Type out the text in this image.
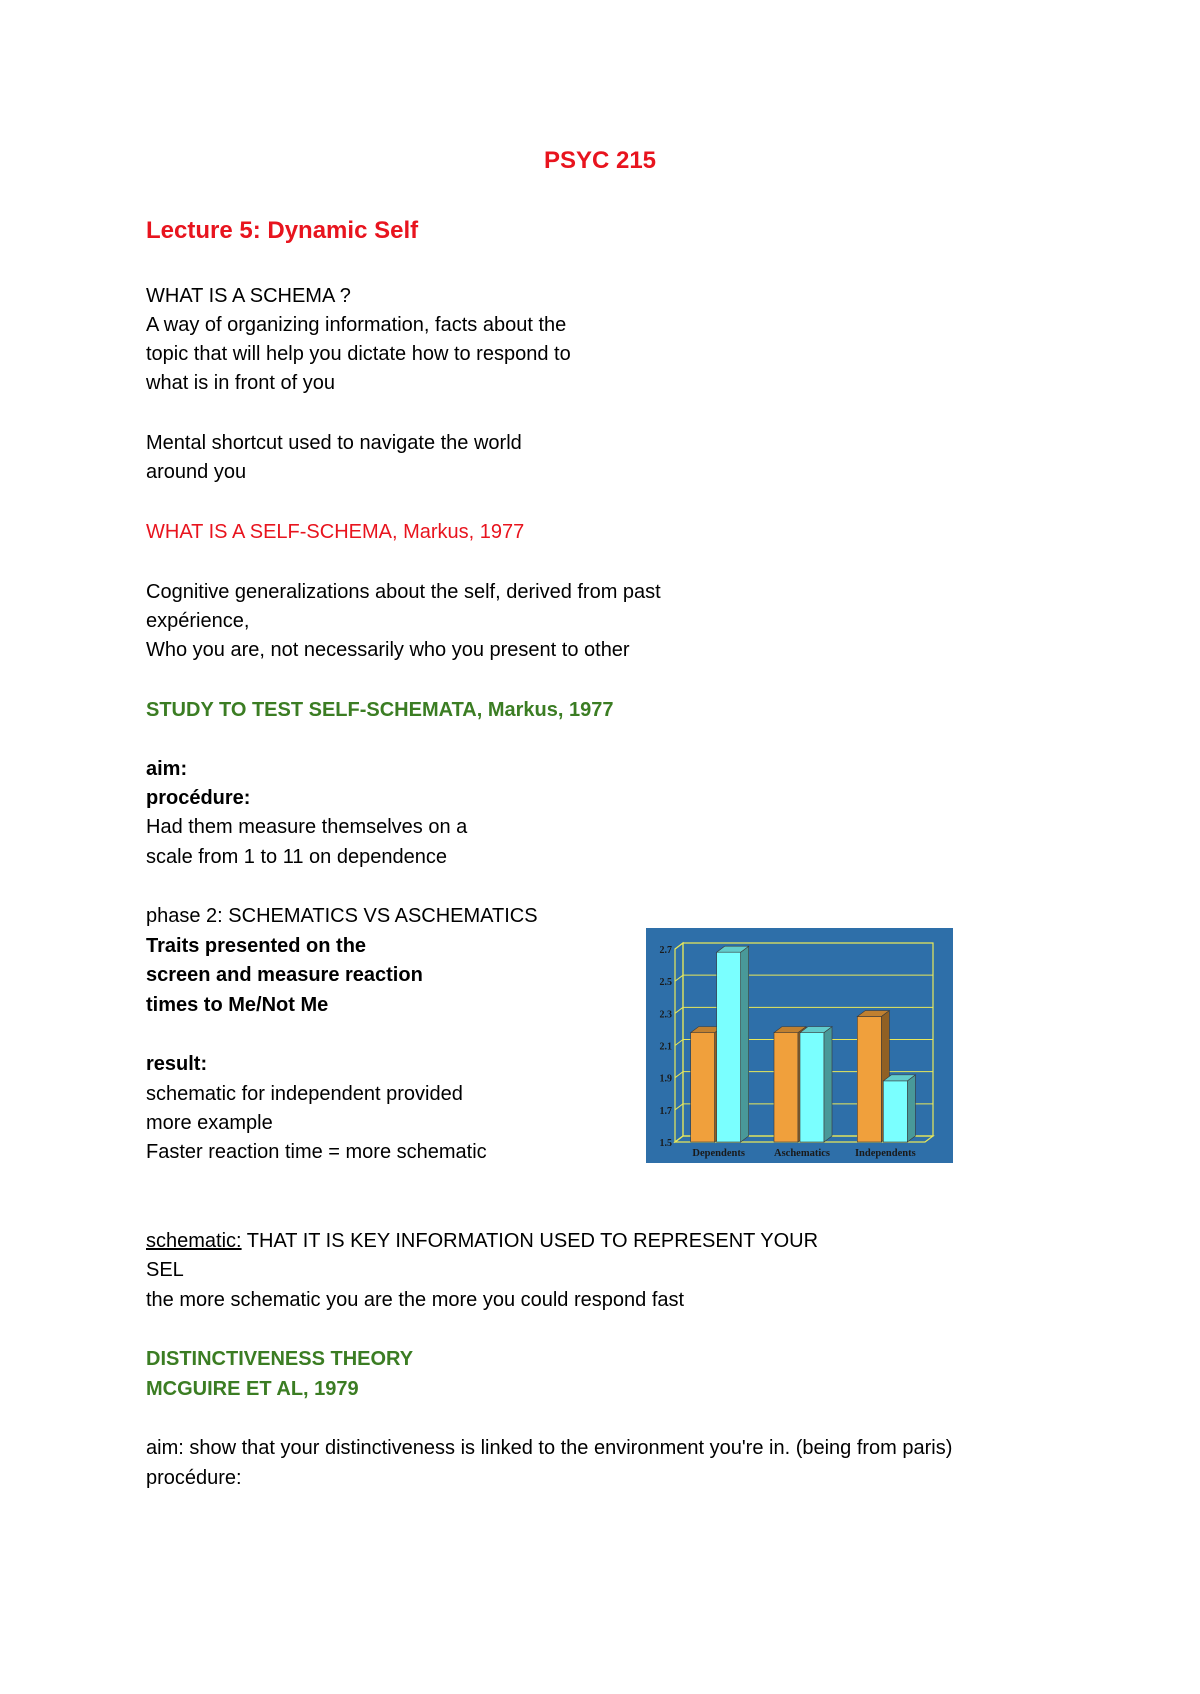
PSYC 215
Lecture 5: Dynamic Self
WHAT IS A SCHEMA ?
A way of organizing information, facts about the
topic that will help you dictate how to respond to
what is in front of you
Mental shortcut used to navigate the world
around you
WHAT IS A SELF-SCHEMA, Markus, 1977
Cognitive generalizations about the self, derived from past
expérience,
Who you are, not necessarily who you present to other
STUDY TO TEST SELF-SCHEMATA, Markus, 1977
aim:
procédure:
Had them measure themselves on a
scale from 1 to 11 on dependence
phase 2: SCHEMATICS VS ASCHEMATICS
Traits presented on the
screen and measure reaction
times to Me/Not Me
result:
schematic for independent provided
more example
Faster reaction time = more schematic	1.5
1.7
1.9
2.1
2.3
2.5
2.7
Dependents	Aschematics Independents
schematic: THAT IT IS KEY INFORMATION USED TO REPRESENT YOUR
SEL
the more schematic you are the more you could respond fast
DISTINCTIVENESS THEORY
MCGUIRE ET AL, 1979
aim: show that your distinctiveness is linked to the environment you're in. (being from paris)
procédure:
